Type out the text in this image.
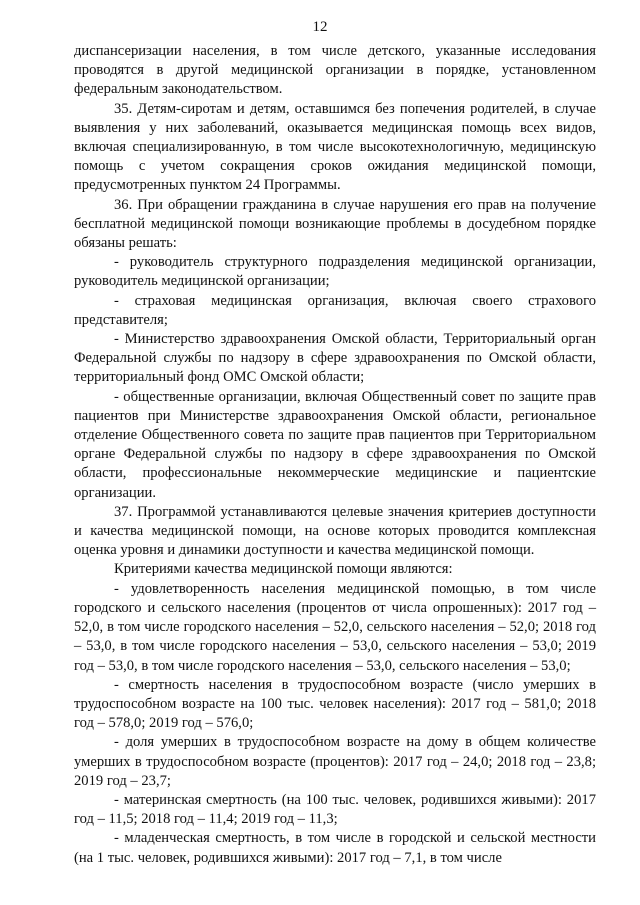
12

диспансеризации населения, в том числе детского, указанные исследования проводятся в другой медицинской организации в порядке, установленном федеральным законодательством.

35. Детям-сиротам и детям, оставшимся без попечения родителей, в случае выявления у них заболеваний, оказывается медицинская помощь всех видов, включая специализированную, в том числе высокотехнологичную, медицинскую помощь с учетом сокращения сроков ожидания медицинской помощи, предусмотренных пунктом 24 Программы.

36. При обращении гражданина в случае нарушения его прав на получение бесплатной медицинской помощи возникающие проблемы в досудебном порядке обязаны решать:

- руководитель структурного подразделения медицинской организации, руководитель медицинской организации;

- страховая медицинская организация, включая своего страхового представителя;

- Министерство здравоохранения Омской области, Территориальный орган Федеральной службы по надзору в сфере здравоохранения по Омской области, территориальный фонд ОМС Омской области;

- общественные организации, включая Общественный совет по защите прав пациентов при Министерстве здравоохранения Омской области, региональное отделение Общественного совета по защите прав пациентов при Территориальном органе Федеральной службы по надзору в сфере здравоохранения по Омской области, профессиональные некоммерческие медицинские и пациентские организации.

37. Программой устанавливаются целевые значения критериев доступности и качества медицинской помощи, на основе которых проводится комплексная оценка уровня и динамики доступности и качества медицинской помощи.

Критериями качества медицинской помощи являются:

- удовлетворенность населения медицинской помощью, в том числе городского и сельского населения (процентов от числа опрошенных): 2017 год – 52,0, в том числе городского населения – 52,0, сельского населения – 52,0; 2018 год – 53,0, в том числе городского населения – 53,0, сельского населения – 53,0; 2019 год – 53,0, в том числе городского населения – 53,0, сельского населения – 53,0;

- смертность населения в трудоспособном возрасте (число умерших в трудоспособном возрасте на 100 тыс. человек населения): 2017 год – 581,0; 2018 год – 578,0; 2019 год – 576,0;

- доля умерших в трудоспособном возрасте на дому в общем количестве умерших в трудоспособном возрасте (процентов): 2017 год – 24,0; 2018 год – 23,8; 2019 год – 23,7;

- материнская смертность (на 100 тыс. человек, родившихся живыми): 2017 год – 11,5; 2018 год – 11,4; 2019 год – 11,3;

- младенческая смертность, в том числе в городской и сельской местности (на 1 тыс. человек, родившихся живыми): 2017 год – 7,1, в том числе
